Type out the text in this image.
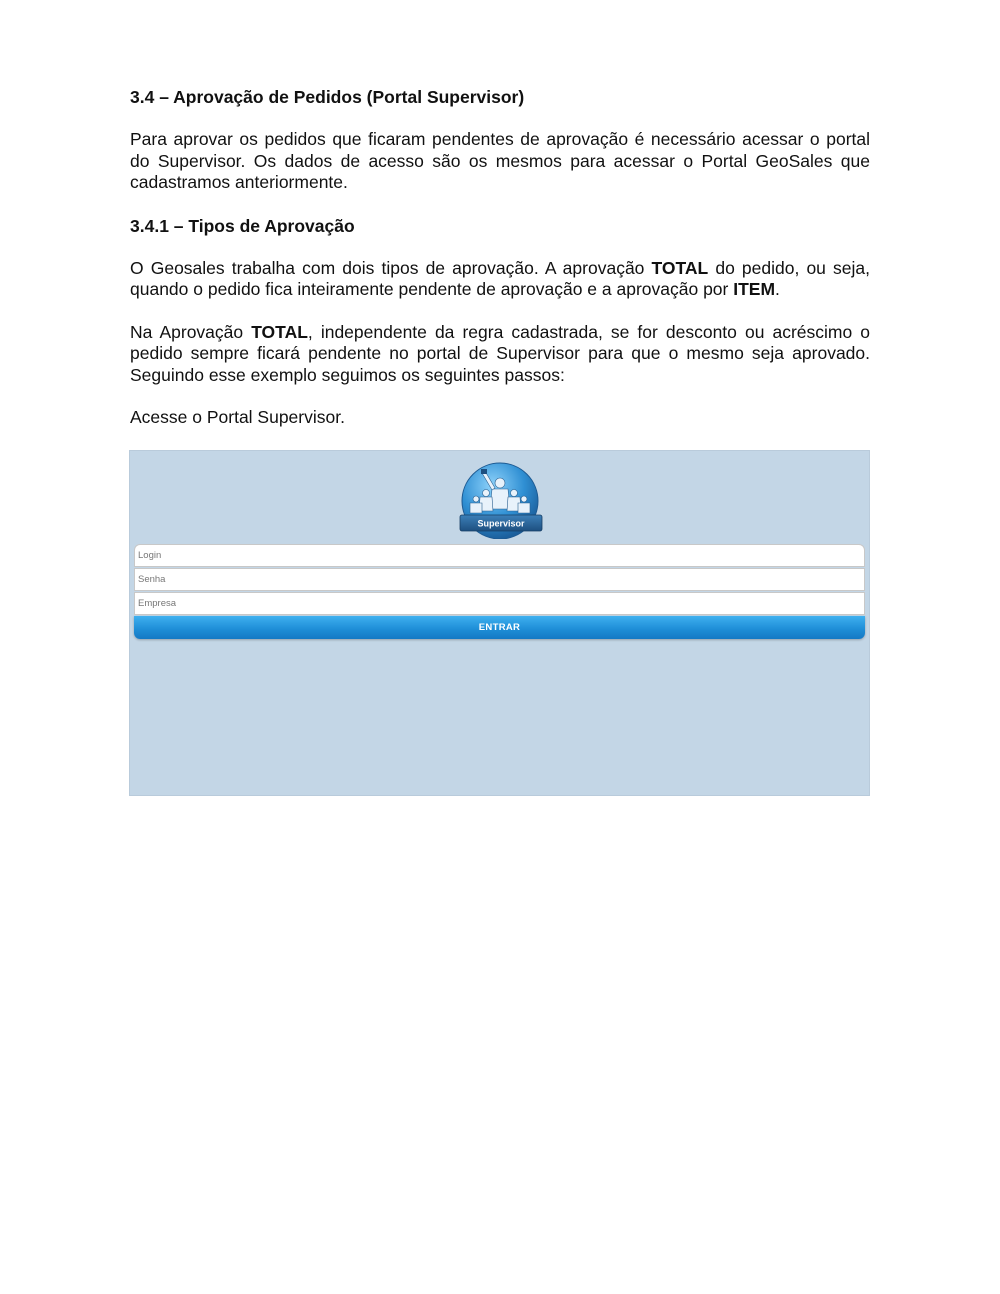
3.4 – Aprovação de Pedidos (Portal Supervisor)

Para aprovar os pedidos que ficaram pendentes de aprovação é necessário acessar o portal do Supervisor. Os dados de acesso são os mesmos para acessar o Portal GeoSales que cadastramos anteriormente.

3.4.1 – Tipos de Aprovação

O Geosales trabalha com dois tipos de aprovação. A aprovação TOTAL do pedido, ou seja, quando o pedido fica inteiramente pendente de aprovação e a aprovação por ITEM.

Na Aprovação TOTAL, independente da regra cadastrada, se for desconto ou acréscimo o pedido sempre ficará pendente no portal de Supervisor para que o mesmo seja aprovado. Seguindo esse exemplo seguimos os seguintes passos:

Acesse o Portal Supervisor.

Supervisor
Login
Senha
Empresa
ENTRAR
